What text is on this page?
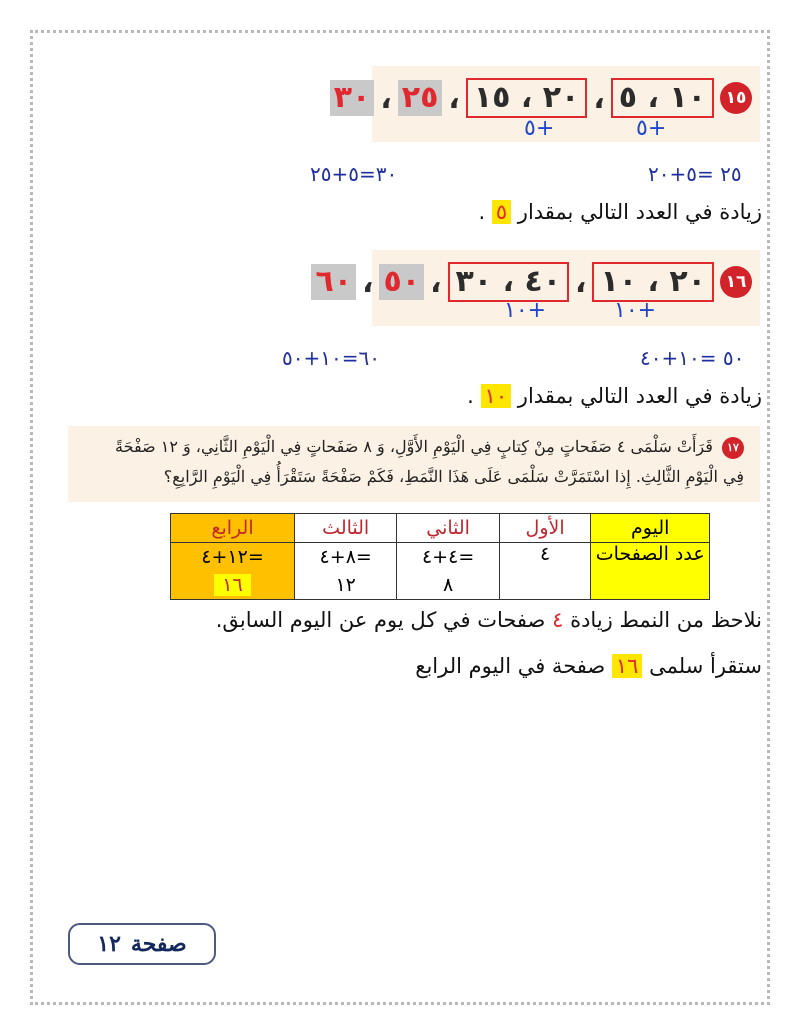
١٥
١٠ ، ٥
،
٢٠ ، ١٥
،
٢٥
،
٣٠
٥+
٥+
٣٠=٥+٢٥	٢٥ =٥+٢٠
زيادة في العدد التالي بمقدار ٥ .
١٦
٢٠ ، ١٠
،
٤٠ ، ٣٠
،
٥٠
،
٦٠
١٠+
١٠+
٦٠=١٠+٥٠	٥٠ =١٠+٤٠
زيادة في العدد التالي بمقدار ١٠ .
١٧ قَرَأَتْ سَلْمَى ٤ صَفَحاتٍ مِنْ كِتابٍ فِي الْيَوْمِ الأَوَّلِ، وَ ٨ صَفَحاتٍ فِي الْيَوْمِ الثَّانِي، وَ ١٢ صَفْحَةً
فِي الْيَوْمِ الثَّالِثِ. إِذا اسْتَمَرَّتْ سَلْمَى عَلَى هَذَا النَّمَطِ، فَكَمْ صَفْحَةً سَتَقْرَأُ فِي الْيَوْمِ الرَّابِعِ؟
اليوم	الأول	الثاني	الثالث	الرابع
عدد الصفحات	٤	=٤+٤	=٨+٤	=١٢+٤
		٨	١٢	١٦
نلاحظ من النمط زيادة ٤ صفحات في كل يوم عن اليوم السابق.
ستقرأ سلمى ١٦ صفحة في اليوم الرابع
صفحة
١٢
